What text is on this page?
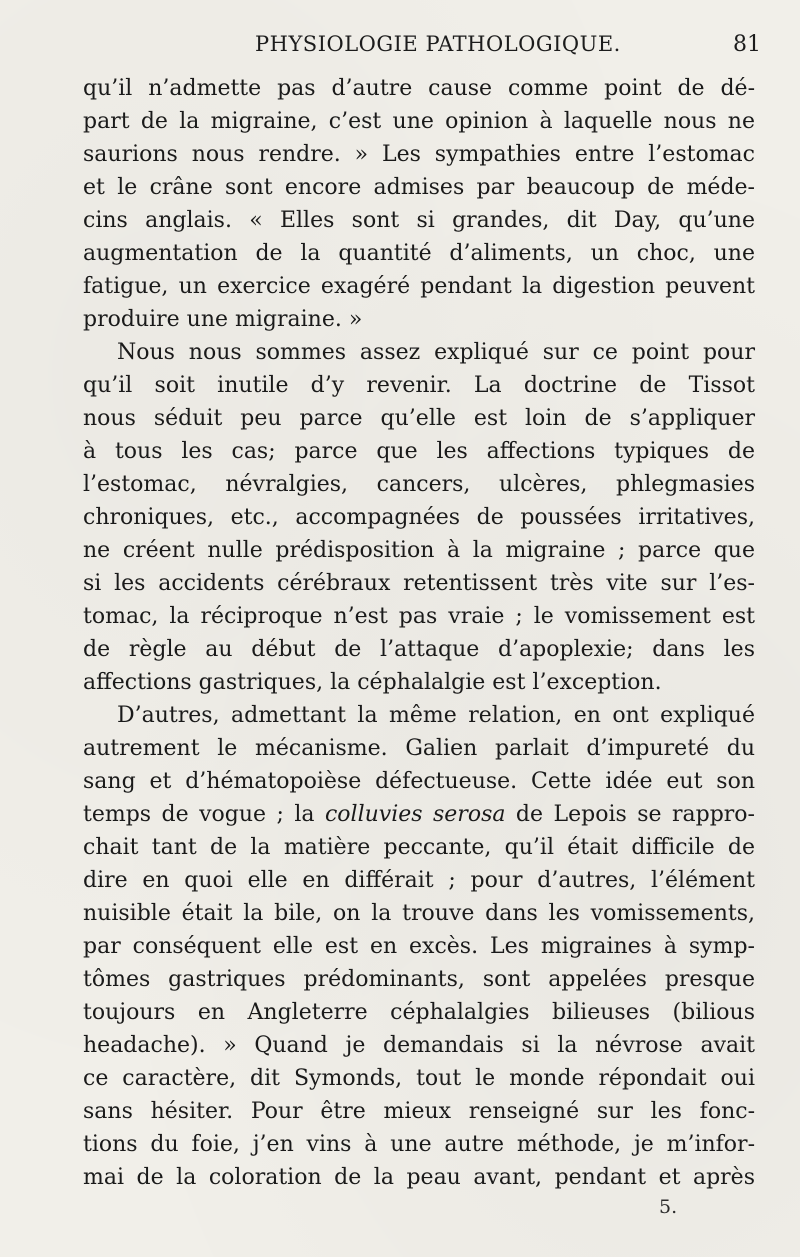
PHYSIOLOGIE PATHOLOGIQUE.	81
qu’il n’admette pas d’autre cause comme point de dé-
part de la migraine, c’est une opinion à laquelle nous ne
saurions nous rendre. » Les sympathies entre l’estomac
et le crâne sont encore admises par beaucoup de méde-
cins anglais. « Elles sont si grandes, dit Day, qu’une
augmentation de la quantité d’aliments, un choc, une
fatigue, un exercice exagéré pendant la digestion peuvent
produire une migraine. »
Nous nous sommes assez expliqué sur ce point pour
qu’il soit inutile d’y revenir. La doctrine de Tissot
nous séduit peu parce qu’elle est loin de s’appliquer
à tous les cas; parce que les affections typiques de
l’estomac, névralgies, cancers, ulcères, phlegmasies
chroniques, etc., accompagnées de poussées irritatives,
ne créent nulle prédisposition à la migraine ; parce que
si les accidents cérébraux retentissent très vite sur l’es-
tomac, la réciproque n’est pas vraie ; le vomissement est
de règle au début de l’attaque d’apoplexie; dans les
affections gastriques, la céphalalgie est l’exception.
D’autres, admettant la même relation, en ont expliqué
autrement le mécanisme. Galien parlait d’impureté du
sang et d’hématopoièse défectueuse. Cette idée eut son
temps de vogue ; la colluvies serosa de Lepois se rappro-
chait tant de la matière peccante, qu’il était difficile de
dire en quoi elle en différait ; pour d’autres, l’élément
nuisible était la bile, on la trouve dans les vomissements,
par conséquent elle est en excès. Les migraines à symp-
tômes gastriques prédominants, sont appelées presque
toujours en Angleterre céphalalgies bilieuses (bilious
headache). » Quand je demandais si la névrose avait
ce caractère, dit Symonds, tout le monde répondait oui
sans hésiter. Pour être mieux renseigné sur les fonc-
tions du foie, j’en vins à une autre méthode, je m’infor-
mai de la coloration de la peau avant, pendant et après
5.
